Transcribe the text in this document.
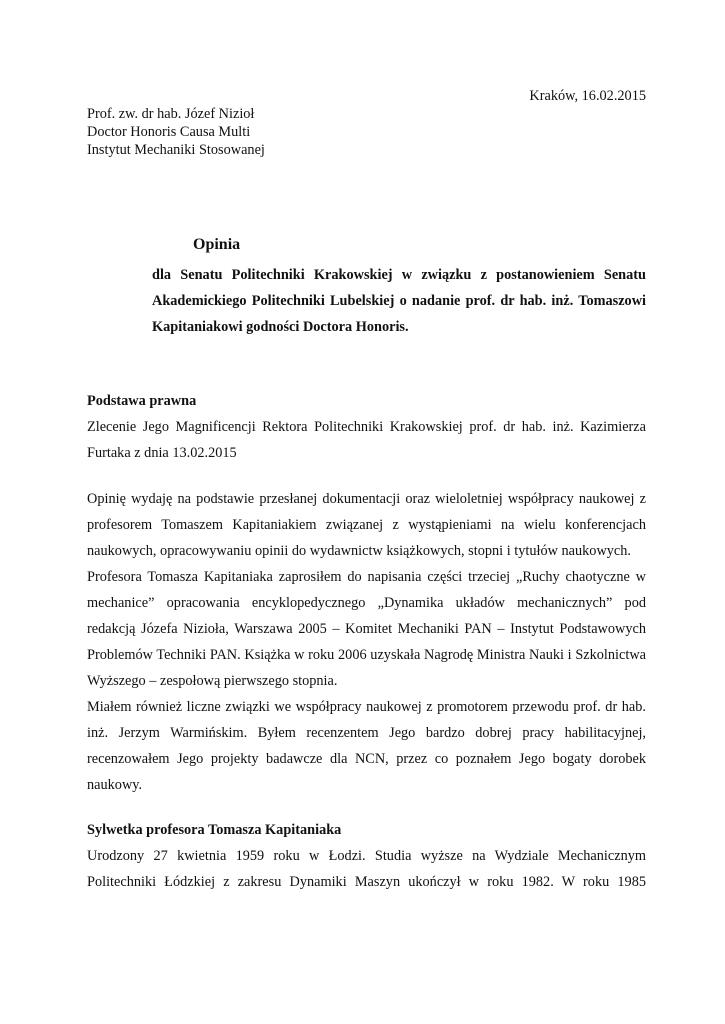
Kraków, 16.02.2015
Prof. zw. dr hab. Józef Nizioł
Doctor Honoris Causa Multi
Instytut Mechaniki Stosowanej
Opinia
dla Senatu Politechniki Krakowskiej w związku z postanowieniem Senatu Akademickiego Politechniki Lubelskiej o nadanie prof. dr hab. inż. Tomaszowi Kapitaniakowi godności Doctora Honoris.
Podstawa prawna
Zlecenie Jego Magnificencji Rektora Politechniki Krakowskiej prof. dr hab. inż. Kazimierza Furtaka z dnia 13.02.2015
Opinię wydaję na podstawie przesłanej dokumentacji oraz wieloletniej współpracy naukowej z profesorem Tomaszem Kapitaniakiem związanej z wystąpieniami na wielu konferencjach naukowych, opracowywaniu opinii do wydawnictw książkowych, stopni i tytułów naukowych.
Profesora Tomasza Kapitaniaka zaprosiłem do napisania części trzeciej „Ruchy chaotyczne w mechanice” opracowania encyklopedycznego „Dynamika układów mechanicznych” pod redakcją Józefa Nizioła, Warszawa 2005 – Komitet Mechaniki PAN – Instytut Podstawowych Problemów Techniki PAN. Książka w roku 2006 uzyskała Nagrodę Ministra Nauki i Szkolnictwa Wyższego – zespołową pierwszego stopnia.
Miałem również liczne związki we współpracy naukowej z promotorem przewodu prof. dr hab. inż. Jerzym Warmińskim. Byłem recenzentem Jego bardzo dobrej pracy habilitacyjnej, recenzowałem Jego projekty badawcze dla NCN, przez co poznałem Jego bogaty dorobek naukowy.
Sylwetka profesora Tomasza Kapitaniaka
Urodzony 27 kwietnia 1959 roku w Łodzi. Studia wyższe na Wydziale Mechanicznym Politechniki Łódzkiej z zakresu Dynamiki Maszyn ukończył w roku 1982. W roku 1985
